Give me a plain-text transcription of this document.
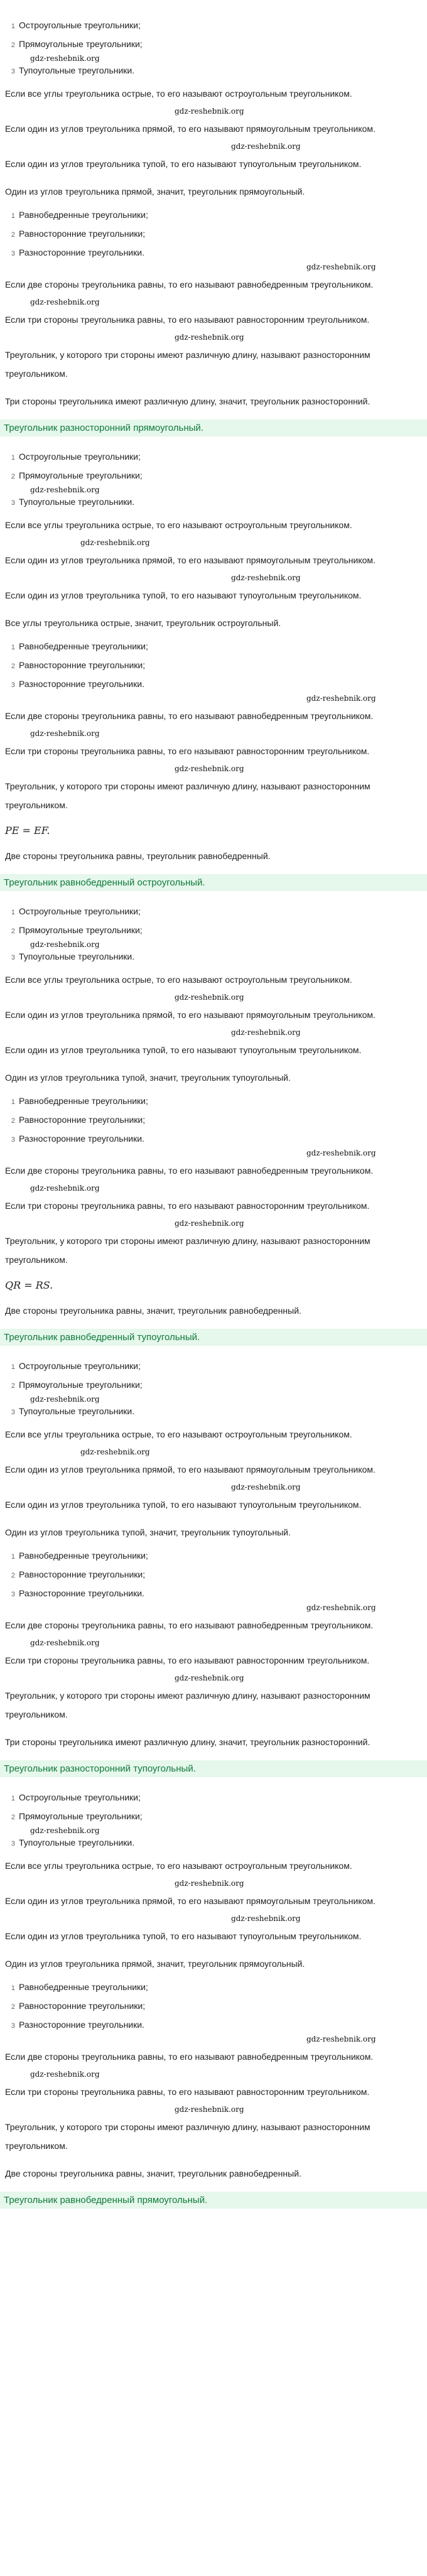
1 Остроугольные треугольники;
2 Прямоугольные треугольники;
gdz-reshebnik.org
3 Тупоугольные треугольники.
Если все углы треугольника острые, то его называют остроугольным треугольником.
gdz-reshebnik.org
Если один из углов треугольника прямой, то его называют прямоугольным треугольником.
gdz-reshebnik.org
Если один из углов треугольника тупой, то его называют тупоугольным треугольником.
Один из углов треугольника прямой, значит, треугольник прямоугольный.
1 Равнобедренные треугольники;
2 Равносторонние треугольники;
3 Разносторонние треугольники.
gdz-reshebnik.org
Если две стороны треугольника равны, то его называют равнобедренным треугольником.
gdz-reshebnik.org
Если три стороны треугольника равны, то его называют равносторонним треугольником.
gdz-reshebnik.org
Треугольник, у которого три стороны имеют различную длину, называют разносторонним треугольником.
Три стороны треугольника имеют различную длину, значит, треугольник разносторонний.
Треугольник разносторонний прямоугольный.
1 Остроугольные треугольники;
2 Прямоугольные треугольники;
gdz-reshebnik.org
3 Тупоугольные треугольники.
Если все углы треугольника острые, то его называют остроугольным треугольником.
gdz-reshebnik.org
Если один из углов треугольника прямой, то его называют прямоугольным треугольником.
gdz-reshebnik.org
Если один из углов треугольника тупой, то его называют тупоугольным треугольником.
Все углы треугольника острые, значит, треугольник остроугольный.
1 Равнобедренные треугольники;
2 Равносторонние треугольники;
3 Разносторонние треугольники.
gdz-reshebnik.org
Если две стороны треугольника равны, то его называют равнобедренным треугольником.
gdz-reshebnik.org
Если три стороны треугольника равны, то его называют равносторонним треугольником.
gdz-reshebnik.org
Треугольник, у которого три стороны имеют различную длину, называют разносторонним треугольником.
PE = EF.
Две стороны треугольника равны, треугольник равнобедренный.
Треугольник равнобедренный остроугольный.
1 Остроугольные треугольники;
2 Прямоугольные треугольники;
gdz-reshebnik.org
3 Тупоугольные треугольники.
Если все углы треугольника острые, то его называют остроугольным треугольником.
gdz-reshebnik.org
Если один из углов треугольника прямой, то его называют прямоугольным треугольником.
gdz-reshebnik.org
Если один из углов треугольника тупой, то его называют тупоугольным треугольником.
Один из углов треугольника тупой, значит, треугольник тупоугольный.
1 Равнобедренные треугольники;
2 Равносторонние треугольники;
3 Разносторонние треугольники.
gdz-reshebnik.org
Если две стороны треугольника равны, то его называют равнобедренным треугольником.
gdz-reshebnik.org
Если три стороны треугольника равны, то его называют равносторонним треугольником.
gdz-reshebnik.org
Треугольник, у которого три стороны имеют различную длину, называют разносторонним треугольником.
QR = RS.
Две стороны треугольника равны, значит, треугольник равнобедренный.
Треугольник равнобедренный тупоугольный.
1 Остроугольные треугольники;
2 Прямоугольные треугольники;
gdz-reshebnik.org
3 Тупоугольные треугольники.
Если все углы треугольника острые, то его называют остроугольным треугольником.
gdz-reshebnik.org
Если один из углов треугольника прямой, то его называют прямоугольным треугольником.
gdz-reshebnik.org
Если один из углов треугольника тупой, то его называют тупоугольным треугольником.
Один из углов треугольника тупой, значит, треугольник тупоугольный.
1 Равнобедренные треугольники;
2 Равносторонние треугольники;
3 Разносторонние треугольники.
gdz-reshebnik.org
Если две стороны треугольника равны, то его называют равнобедренным треугольником.
gdz-reshebnik.org
Если три стороны треугольника равны, то его называют равносторонним треугольником.
gdz-reshebnik.org
Треугольник, у которого три стороны имеют различную длину, называют разносторонним треугольником.
Три стороны треугольника имеют различную длину, значит, треугольник разносторонний.
Треугольник разносторонний тупоугольный.
1 Остроугольные треугольники;
2 Прямоугольные треугольники;
gdz-reshebnik.org
3 Тупоугольные треугольники.
Если все углы треугольника острые, то его называют остроугольным треугольником.
gdz-reshebnik.org
Если один из углов треугольника прямой, то его называют прямоугольным треугольником.
gdz-reshebnik.org
Если один из углов треугольника тупой, то его называют тупоугольным треугольником.
Один из углов треугольника прямой, значит, треугольник прямоугольный.
1 Равнобедренные треугольники;
2 Равносторонние треугольники;
3 Разносторонние треугольники.
gdz-reshebnik.org
Если две стороны треугольника равны, то его называют равнобедренным треугольником.
gdz-reshebnik.org
Если три стороны треугольника равны, то его называют равносторонним треугольником.
gdz-reshebnik.org
Треугольник, у которого три стороны имеют различную длину, называют разносторонним треугольником.
Две стороны треугольника равны, значит, треугольник равнобедренный.
Треугольник равнобедренный прямоугольный.
